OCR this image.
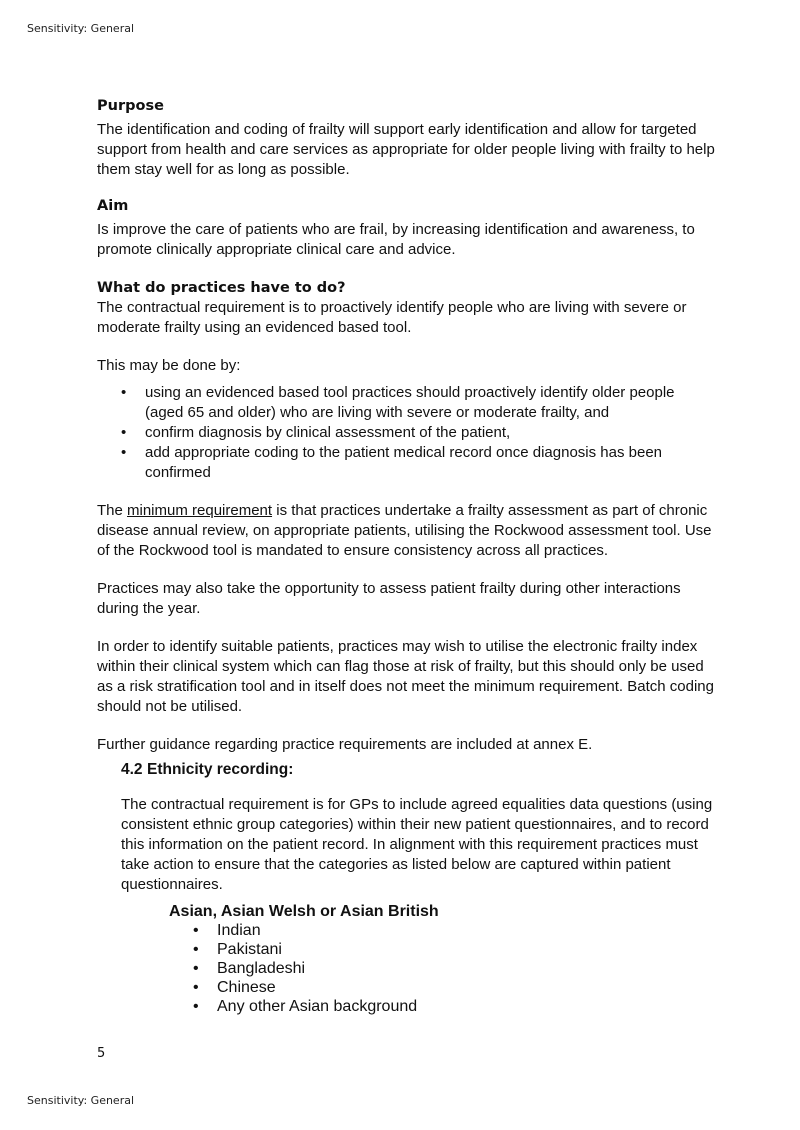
Sensitivity: General
Purpose

The identification and coding of frailty will support early identification and allow for targeted support from health and care services as appropriate for older people living with frailty to help them stay well for as long as possible.

Aim

Is improve the care of patients who are frail, by increasing identification and awareness, to promote clinically appropriate clinical care and advice.

What do practices have to do?

The contractual requirement is to proactively identify people who are living with severe or moderate frailty using an evidenced based tool.

This may be done by:

• using an evidenced based tool practices should proactively identify older people (aged 65 and older) who are living with severe or moderate frailty, and
• confirm diagnosis by clinical assessment of the patient,
• add appropriate coding to the patient medical record once diagnosis has been confirmed

The minimum requirement is that practices undertake a frailty assessment as part of chronic disease annual review, on appropriate patients, utilising the Rockwood assessment tool. Use of the Rockwood tool is mandated to ensure consistency across all practices.

Practices may also take the opportunity to assess patient frailty during other interactions during the year.

In order to identify suitable patients, practices may wish to utilise the electronic frailty index within their clinical system which can flag those at risk of frailty, but this should only be used as a risk stratification tool and in itself does not meet the minimum requirement. Batch coding should not be utilised.

Further guidance regarding practice requirements are included at annex E.

4.2 Ethnicity recording:

The contractual requirement is for GPs to include agreed equalities data questions (using consistent ethnic group categories) within their new patient questionnaires, and to record this information on the patient record. In alignment with this requirement practices must take action to ensure that the categories as listed below are captured within patient questionnaires.

Asian, Asian Welsh or Asian British
• Indian
• Pakistani
• Bangladeshi
• Chinese
• Any other Asian background
5
Sensitivity: General
